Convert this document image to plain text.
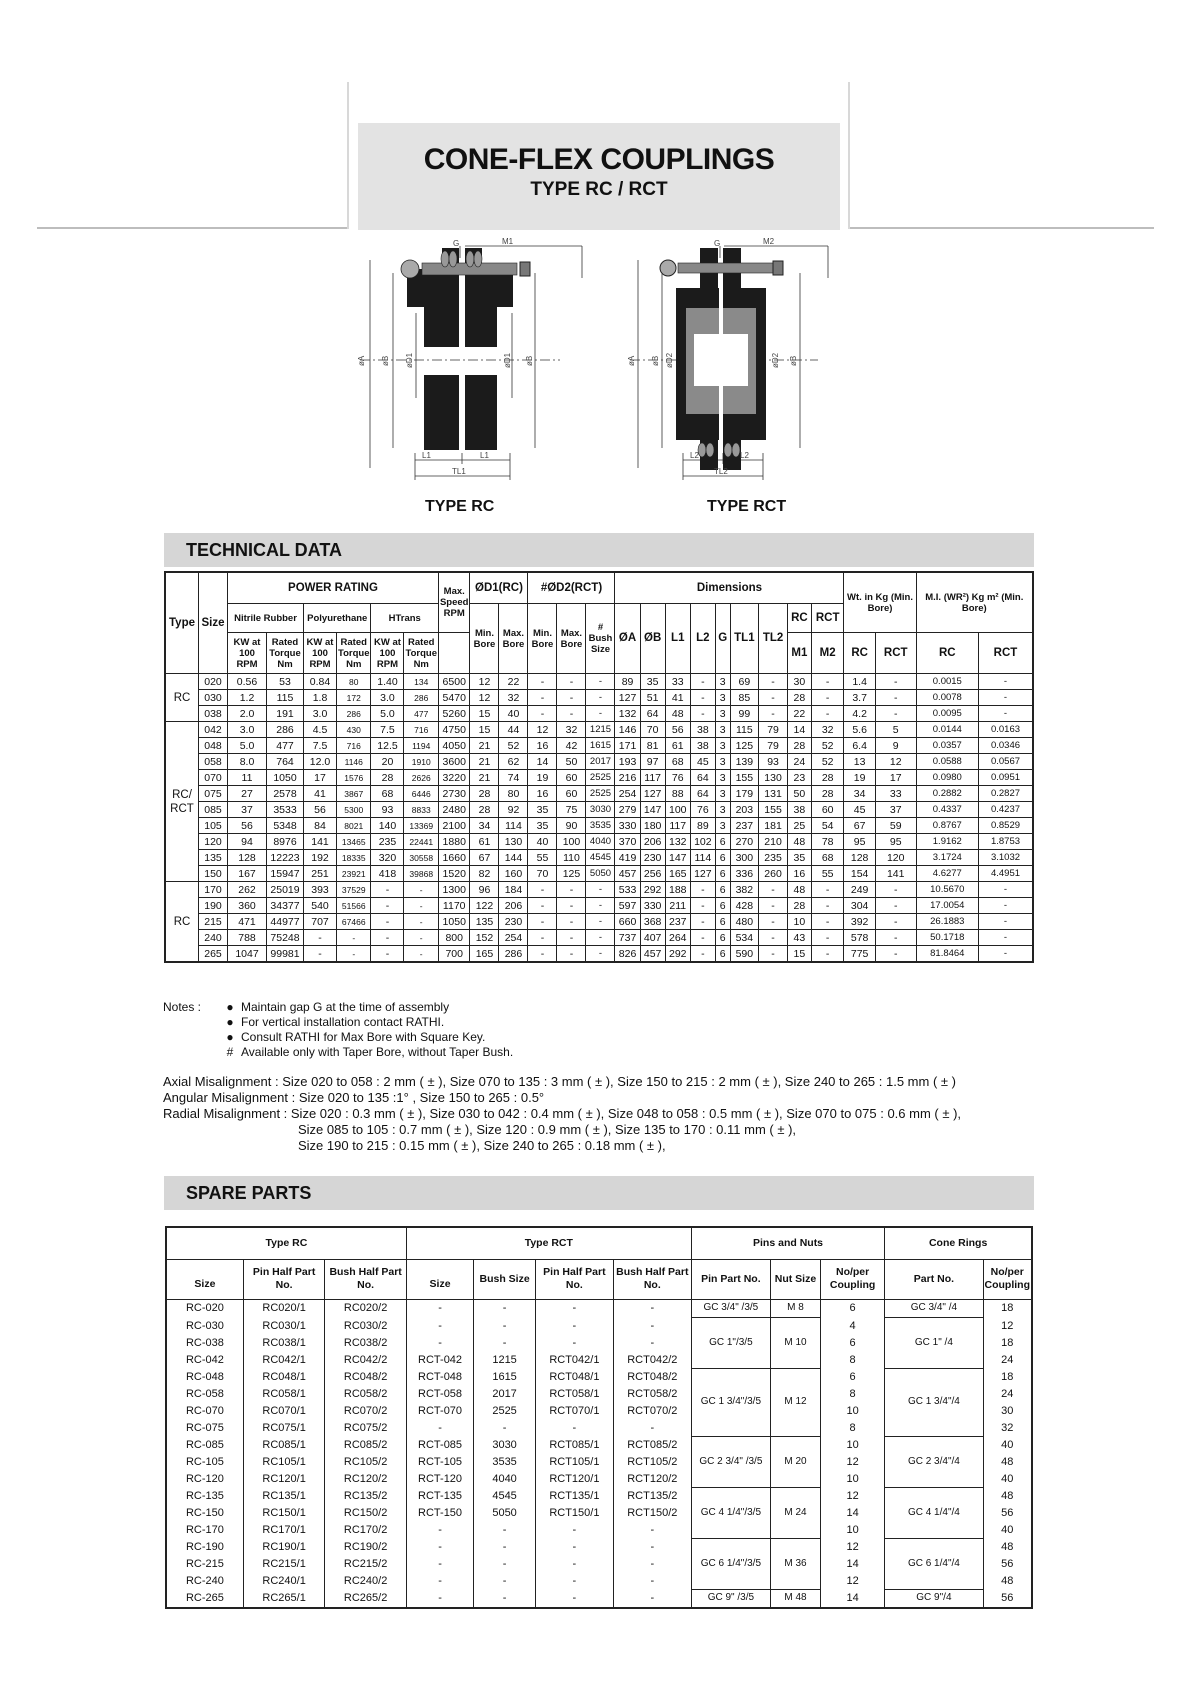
CONE-FLEX COUPLINGS
TYPE RC / RCT
G	M1
øA øB øD1	øD1 øB
L1	L1
TL1
TYPE RC
G	M2
øA øB øD2	øD2 øB
L2	L2
TL2
TYPE RCT
TECHNICAL DATA
Type	Size	POWER RATING						Max. Speed RPM	ØD1(RC)		#ØD2(RCT)			Dimensions									Wt. in Kg (Min. Bore)		M.I. (WR²) Kg m² (Min. Bore)	
		Nitrile Rubber		Polyurethane		HTrans			Min. Bore	Max. Bore	Min. Bore	Max. Bore	# Bush Size	ØA	ØB	L1	L2	G	TL1	TL2	RC	RCT				
		KW at 100 RPM	Rated Torque Nm	KW at 100 RPM	Rated Torque Nm	KW at 100 RPM	Rated Torque Nm														M1	M2	RC	RCT	RC	RCT
RC	020	0.56	53	0.84	80	1.40	134	6500	12	22	-	-	-	89	35	33	-	3	69	-	30	-	1.4	-	0.0015	-
	030	1.2	115	1.8	172	3.0	286	5470	12	32	-	-	-	127	51	41	-	3	85	-	28	-	3.7	-	0.0078	-
	038	2.0	191	3.0	286	5.0	477	5260	15	40	-	-	-	132	64	48	-	3	99	-	22	-	4.2	-	0.0095	-
RC/ RCT	042	3.0	286	4.5	430	7.5	716	4750	15	44	12	32	1215	146	70	56	38	3	115	79	14	32	5.6	5	0.0144	0.0163
	048	5.0	477	7.5	716	12.5	1194	4050	21	52	16	42	1615	171	81	61	38	3	125	79	28	52	6.4	9	0.0357	0.0346
	058	8.0	764	12.0	1146	20	1910	3600	21	62	14	50	2017	193	97	68	45	3	139	93	24	52	13	12	0.0588	0.0567
	070	11	1050	17	1576	28	2626	3220	21	74	19	60	2525	216	117	76	64	3	155	130	23	28	19	17	0.0980	0.0951
	075	27	2578	41	3867	68	6446	2730	28	80	16	60	2525	254	127	88	64	3	179	131	50	28	34	33	0.2882	0.2827
	085	37	3533	56	5300	93	8833	2480	28	92	35	75	3030	279	147	100	76	3	203	155	38	60	45	37	0.4337	0.4237
	105	56	5348	84	8021	140	13369	2100	34	114	35	90	3535	330	180	117	89	3	237	181	25	54	67	59	0.8767	0.8529
	120	94	8976	141	13465	235	22441	1880	61	130	40	100	4040	370	206	132	102	6	270	210	48	78	95	95	1.9162	1.8753
	135	128	12223	192	18335	320	30558	1660	67	144	55	110	4545	419	230	147	114	6	300	235	35	68	128	120	3.1724	3.1032
	150	167	15947	251	23921	418	39868	1520	82	160	70	125	5050	457	256	165	127	6	336	260	16	55	154	141	4.6277	4.4951
RC	170	262	25019	393	37529	-	-	1300	96	184	-	-	-	533	292	188	-	6	382	-	48	-	249	-	10.5670	-
	190	360	34377	540	51566	-	-	1170	122	206	-	-	-	597	330	211	-	6	428	-	28	-	304	-	17.0054	-
	215	471	44977	707	67466	-	-	1050	135	230	-	-	-	660	368	237	-	6	480	-	10	-	392	-	26.1883	-
	240	788	75248	-	-	-	-	800	152	254	-	-	-	737	407	264	-	6	534	-	43	-	578	-	50.1718	-
	265	1047	99981	-	-	-	-	700	165	286	-	-	-	826	457	292	-	6	590	-	15	-	775	-	81.8464	-
Notes :	● Maintain gap G at the time of assembly
● For vertical installation contact RATHI.
● Consult RATHI for Max Bore with Square Key.
# Available only with Taper Bore, without Taper Bush.
Axial Misalignment : Size 020 to 058 : 2 mm ( ± ), Size 070 to 135 : 3 mm ( ± ), Size 150 to 215 : 2 mm ( ± ), Size 240 to 265 : 1.5 mm ( ± )
Angular Misalignment : Size 020 to 135 :1° , Size 150 to 265 : 0.5°
Radial Misalignment : Size 020 : 0.3 mm ( ± ), Size 030 to 042 : 0.4 mm ( ± ), Size 048 to 058 : 0.5 mm ( ± ), Size 070 to 075 : 0.6 mm ( ± ),
Size 085 to 105 : 0.7 mm ( ± ), Size 120 : 0.9 mm ( ± ), Size 135 to 170 : 0.11 mm ( ± ),
Size 190 to 215 : 0.15 mm ( ± ), Size 240 to 265 : 0.18 mm ( ± ),
SPARE PARTS
Type RC			Type RCT				Pins and Nuts			Cone Rings	
Size	Pin Half Part No.	Bush Half Part No.	Size	Bush Size	Pin Half Part No.	Bush Half Part No.	Pin Part No.	Nut Size	No/per Coupling	Part No.	No/per Coupling
RC-020	RC020/1	RC020/2	-	-	-	-	GC 3/4" /3/5	M 8	6	GC 3/4" /4	18
RC-030	RC030/1	RC030/2	-	-	-	-	GC 1"/3/5	M 10	4	GC 1" /4	12
RC-038	RC038/1	RC038/2	-	-	-	-			6		18
RC-042	RC042/1	RC042/2	RCT-042	1215	RCT042/1	RCT042/2			8		24
RC-048	RC048/1	RC048/2	RCT-048	1615	RCT048/1	RCT048/2	GC 1 3/4"/3/5	M 12	6	GC 1 3/4"/4	18
RC-058	RC058/1	RC058/2	RCT-058	2017	RCT058/1	RCT058/2			8		24
RC-070	RC070/1	RC070/2	RCT-070	2525	RCT070/1	RCT070/2			10		30
RC-075	RC075/1	RC075/2	-	-	-	-			8		32
RC-085	RC085/1	RC085/2	RCT-085	3030	RCT085/1	RCT085/2	GC 2 3/4" /3/5	M 20	10	GC 2 3/4"/4	40
RC-105	RC105/1	RC105/2	RCT-105	3535	RCT105/1	RCT105/2			12		48
RC-120	RC120/1	RC120/2	RCT-120	4040	RCT120/1	RCT120/2			10		40
RC-135	RC135/1	RC135/2	RCT-135	4545	RCT135/1	RCT135/2	GC 4 1/4"/3/5	M 24	12	GC 4 1/4"/4	48
RC-150	RC150/1	RC150/2	RCT-150	5050	RCT150/1	RCT150/2			14		56
RC-170	RC170/1	RC170/2	-	-	-	-			10		40
RC-190	RC190/1	RC190/2	-	-	-	-	GC 6 1/4"/3/5	M 36	12	GC 6 1/4"/4	48
RC-215	RC215/1	RC215/2	-	-	-	-			14		56
RC-240	RC240/1	RC240/2	-	-	-	-			12		48
RC-265	RC265/1	RC265/2	-	-	-	-	GC 9" /3/5	M 48	14	GC 9"/4	56
